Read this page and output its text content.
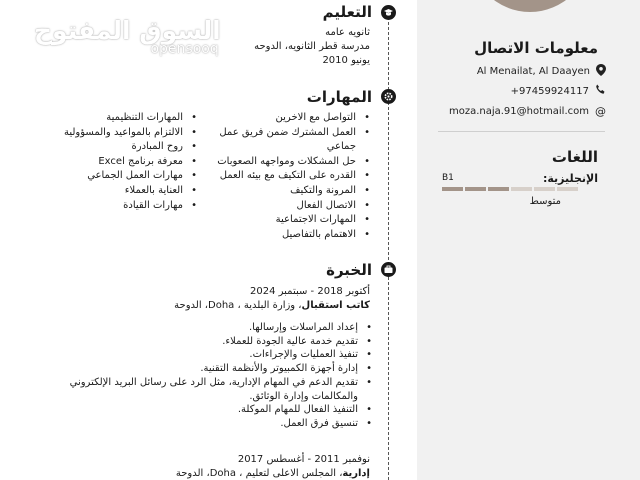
السوق المفتوح
opensooq	معلومات الاتصال
Al Menailat, Al Daayen
+97459924117
moza.naja.91@hotmail.com @
اللغات
الإنجليزية:
B1
متوسط
التعليم
ثانويه عامه
مدرسة قطر الثانويه، الدوحه
يونيو 2010
المهارات
• التواصل مع الاخرين
• العمل المشترك ضمن فريق عمل
جماعي
• حل المشكلات ومواجهه الصعوبات
• القدره على التكيف مع بيئه العمل
• المرونة والتكيف
• الاتصال الفعال
• المهارات الاجتماعية
• الاهتمام بالتفاصيل
• المهارات التنظيمية
• الالتزام بالمواعيد والمسؤولية
• روح المبادرة
• معرفة برنامج Excel
• مهارات العمل الجماعي
• العناية بالعملاء
• مهارات القيادة
الخبرة
أكتوبر 2018 - سبتمبر 2024
كاتب استقبال، وزارة البلدية ، Doha، الدوحة
• إعداد المراسلات وإرسالها.
• تقديم خدمة عالية الجودة للعملاء.
• تنفيذ العمليات والإجراءات.
• إدارة أجهزة الكمبيوتر والأنظمة التقنية.
• تقديم الدعم في المهام الإدارية، مثل الرد على رسائل البريد الإلكتروني
والمكالمات وإدارة الوثائق.
• التنفيذ الفعال للمهام الموكلة.
• تنسيق فرق العمل.
نوفمبر 2011 - أغسطس 2017
إدارية، المجلس الاعلى لتعليم ، Doha، الدوحة
